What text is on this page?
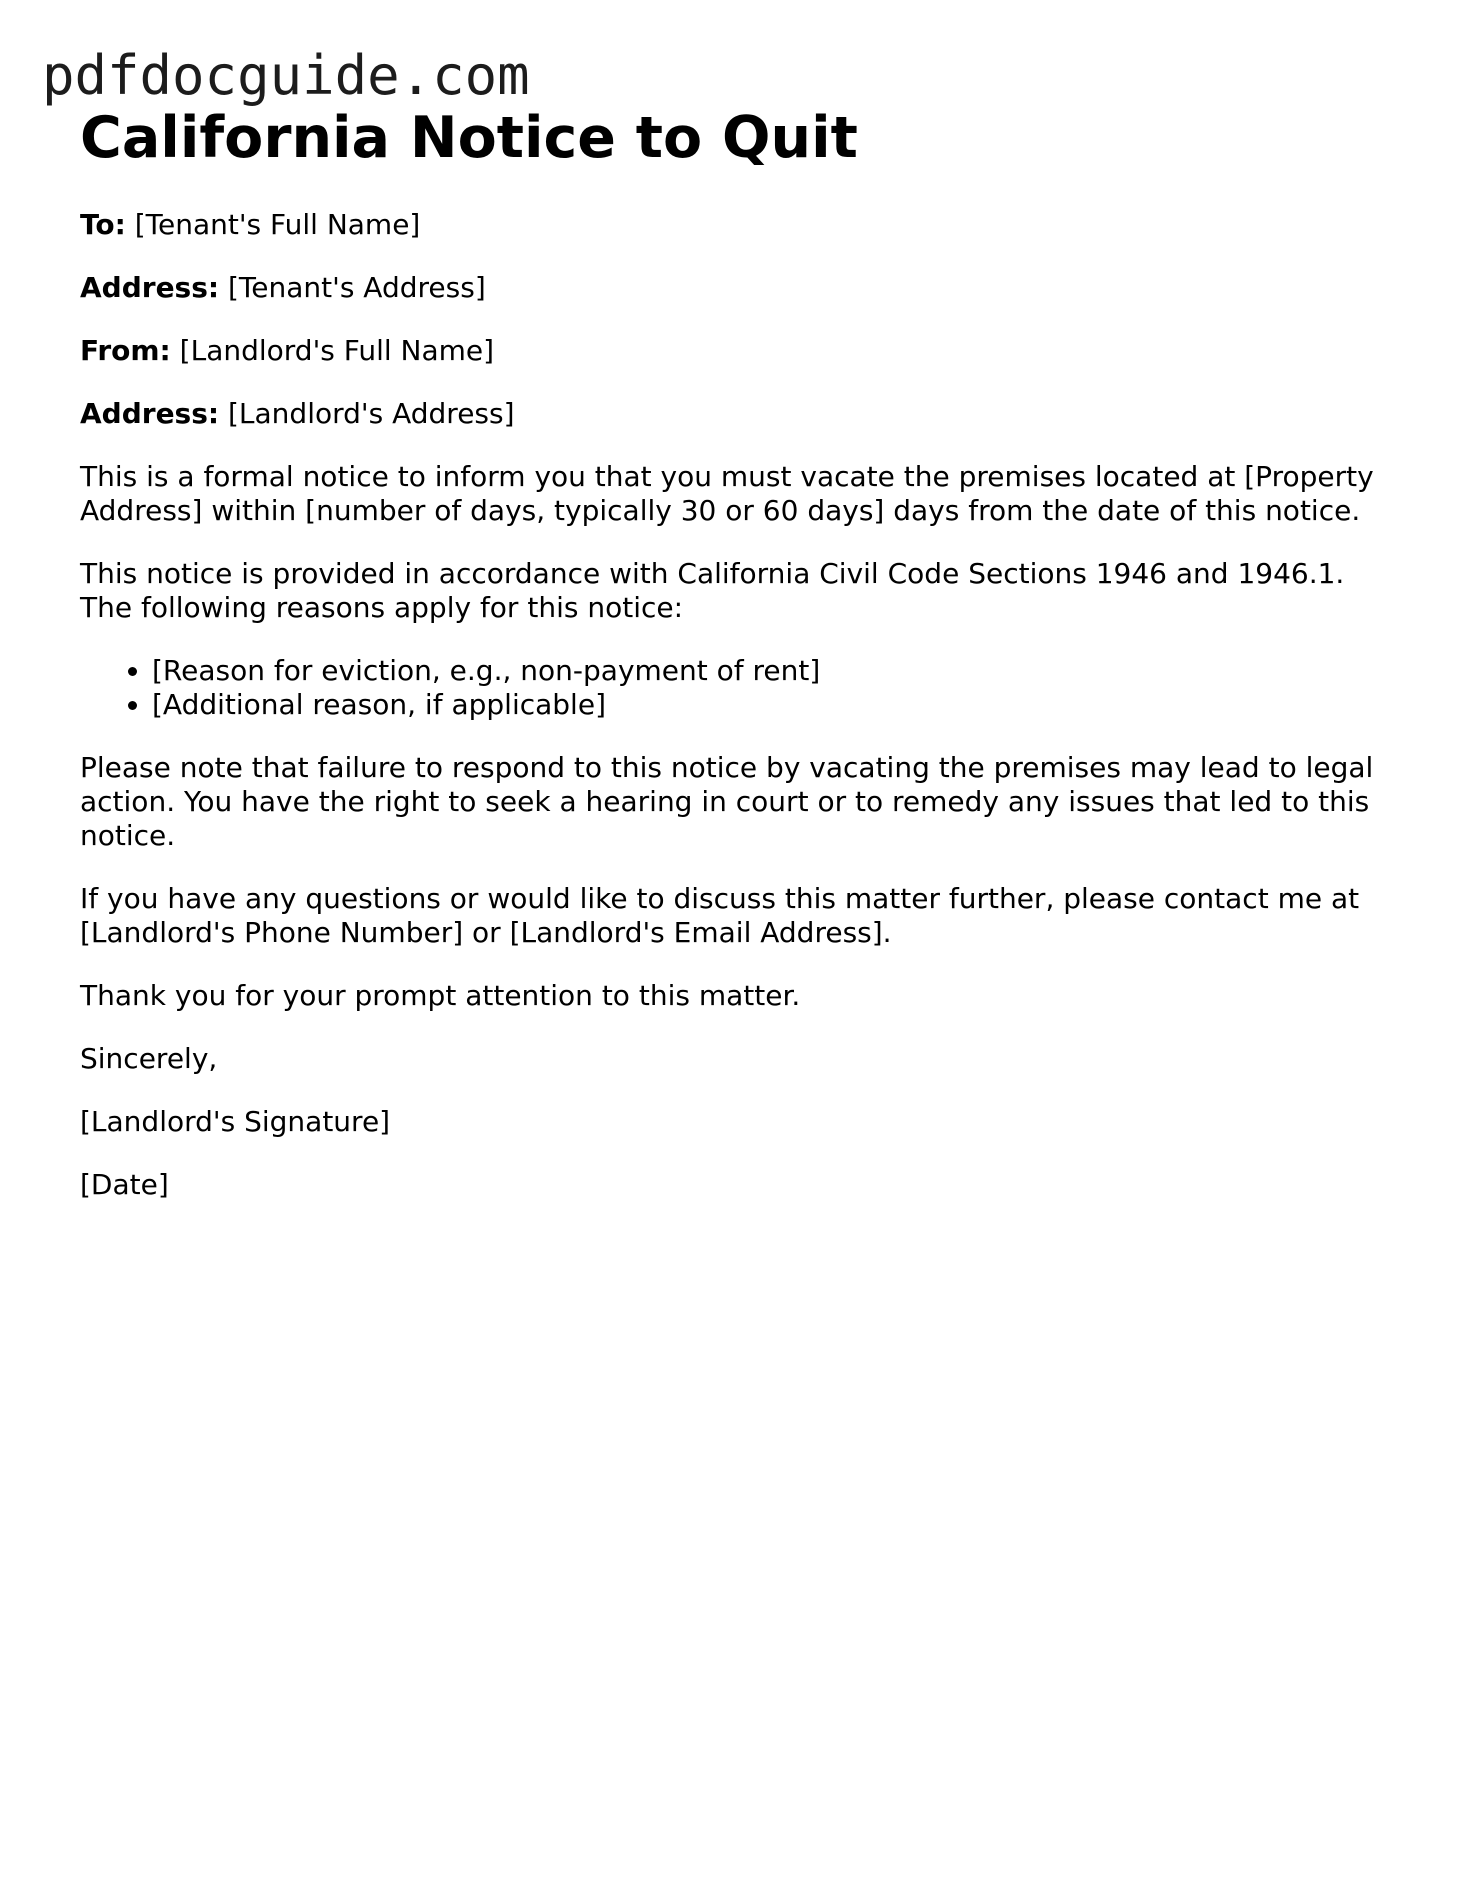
pdfdocguide.com
California Notice to Quit

To: [Tenant's Full Name]

Address: [Tenant's Address]

From: [Landlord's Full Name]

Address: [Landlord's Address]

This is a formal notice to inform you that you must vacate the premises located at [Property Address] within [number of days, typically 30 or 60 days] days from the date of this notice.

This notice is provided in accordance with California Civil Code Sections 1946 and 1946.1. The following reasons apply for this notice:

• [Reason for eviction, e.g., non-payment of rent]
• [Additional reason, if applicable]

Please note that failure to respond to this notice by vacating the premises may lead to legal action. You have the right to seek a hearing in court or to remedy any issues that led to this notice.

If you have any questions or would like to discuss this matter further, please contact me at [Landlord's Phone Number] or [Landlord's Email Address].

Thank you for your prompt attention to this matter.

Sincerely,

[Landlord's Signature]

[Date]
